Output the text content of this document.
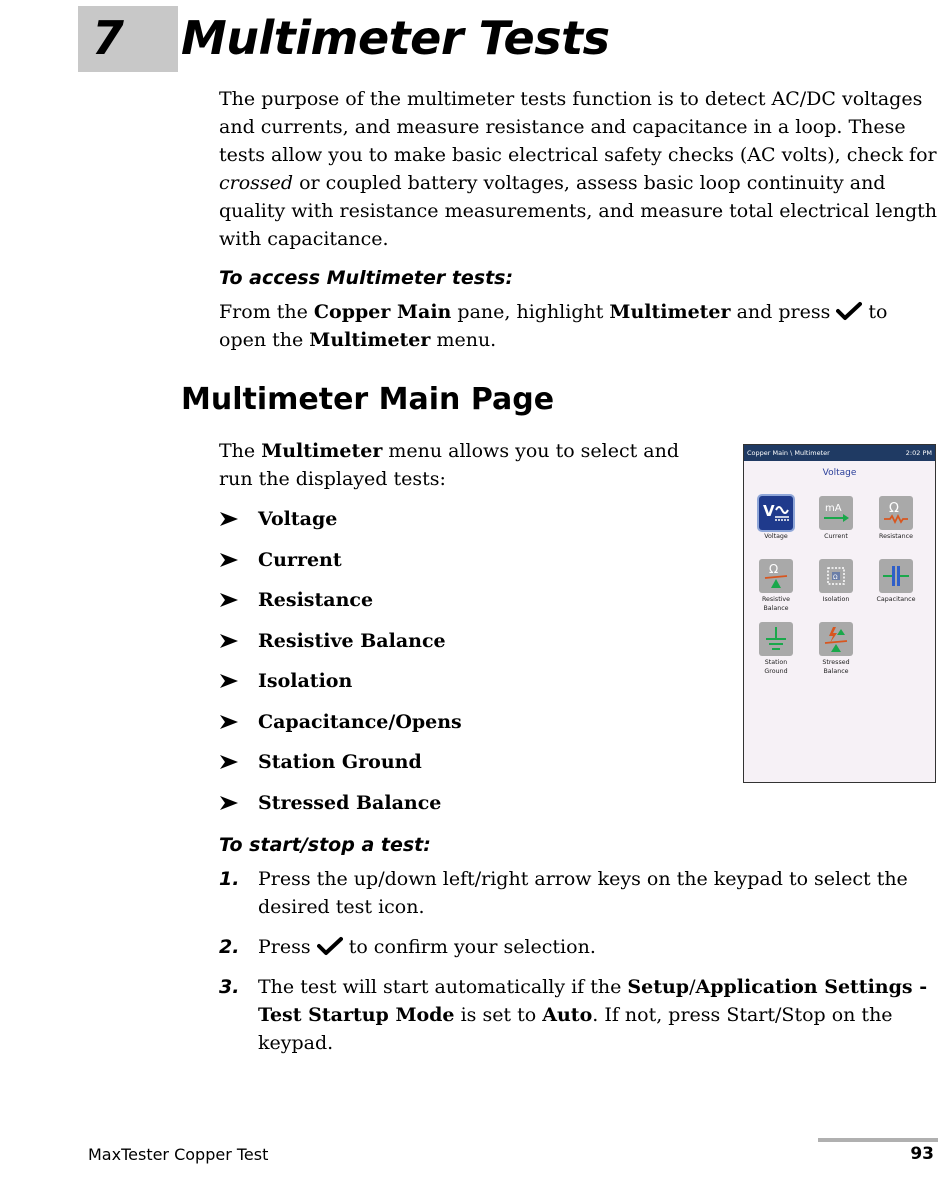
7 Multimeter Tests

The purpose of the multimeter tests function is to detect AC/DC voltages and currents, and measure resistance and capacitance in a loop. These tests allow you to make basic electrical safety checks (AC volts), check for crossed or coupled battery voltages, assess basic loop continuity and quality with resistance measurements, and measure total electrical length with capacitance.

To access Multimeter tests:

From the Copper Main pane, highlight Multimeter and press  to open the Multimeter menu.

Multimeter Main Page

The Multimeter menu allows you to select and run the displayed tests:

Voltage
Current
Resistance
Resistive Balance
Isolation
Capacitance/Opens
Station Ground
Stressed Balance
To start/stop a test:
1. Press the up/down left/right arrow keys on the keypad to select the desired test icon.
2. Press  to confirm your selection.
3. The test will start automatically if the Setup/Application Settings - Test Startup Mode is set to Auto. If not, press Start/Stop on the keypad.
Copper Main \ Multimeter	2:02 PM
Voltage
V
Voltage
mA
Current
Ω
Resistance
Ω
Resistive
Balance
Ω
Isolation	Capacitance
Station
Ground
Stressed
Balance
MaxTester Copper Test	93
